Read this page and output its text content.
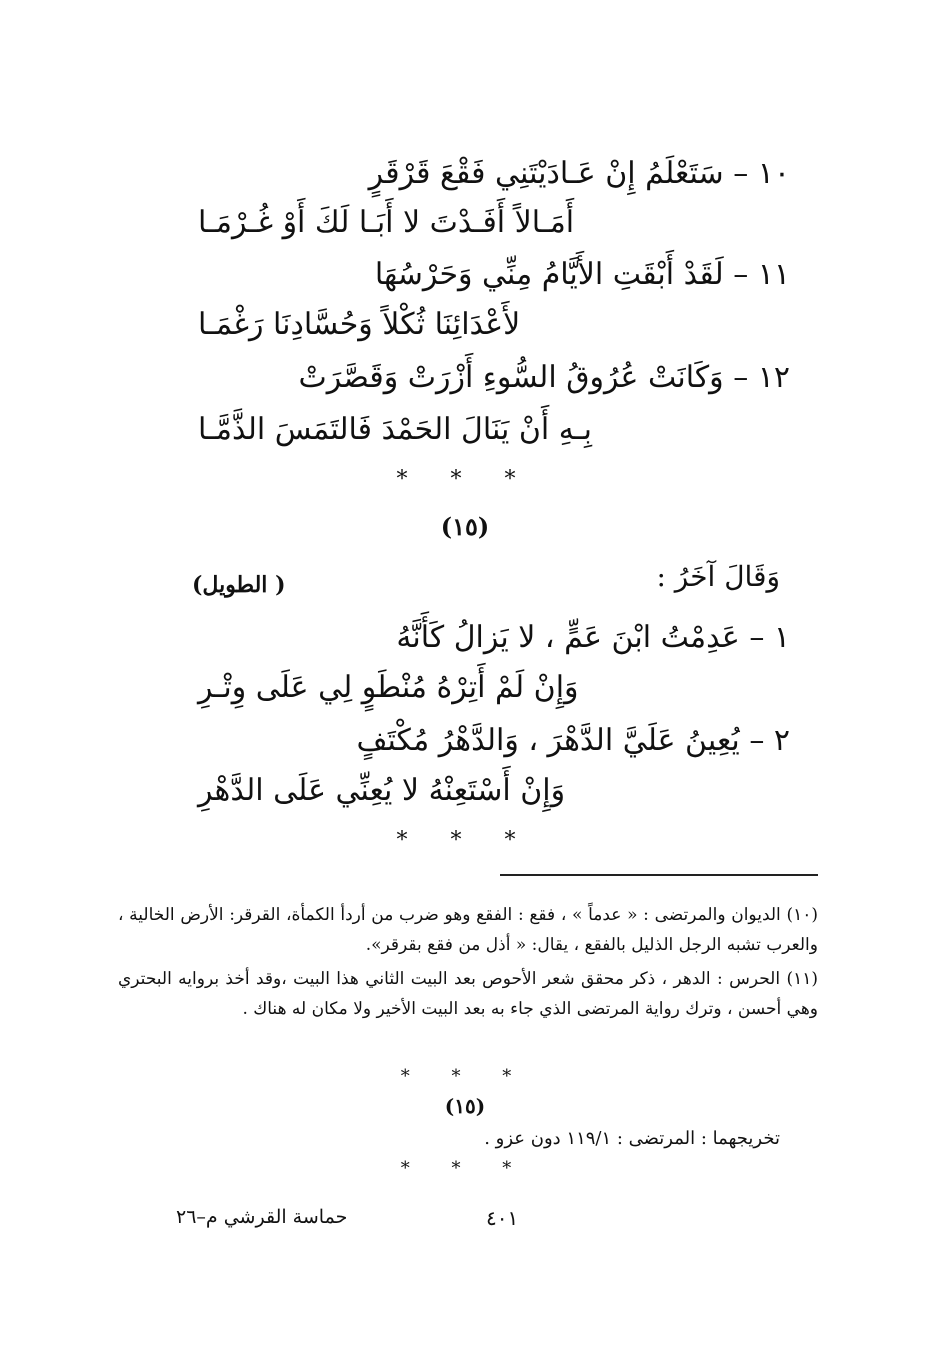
١٠ – سَتَعْلَمُ إِنْ عَـادَيْتَنِي فَقْعَ قَرْقَرٍ
أَمَـالاً أَفَـدْتَ لا أَبَـا لَكَ أَوْ غُـرْمَـا
١١ – لَقَدْ أَبْقَتِ الأَيَّامُ مِنِّي وَحَرْسُهَا
لأَعْدَائِنَا ثُكْلاً وَحُسَّادِنَا رَغْمَـا
١٢ – وَكَانَتْ عُرُوقُ السُّوءِ أَزْرَتْ وَقَصَّرَتْ
بِـهِ أَنْ يَنَالَ الحَمْدَ فَالتَمَسَ الذَّمَّـا
* * *
(١٥)
وَقَالَ آخَرُ :
( الطويل)
١ – عَدِمْتُ ابْنَ عَمٍّ ، لا يَزالُ كَأَنَّهُ
وَإِنْ لَمْ أَتِرْهُ مُنْطَوٍ لِي عَلَى وِتْـرِ
٢ – يُعِينُ عَلَيَّ الدَّهْرَ ، وَالدَّهْرُ مُكْتَفٍ
وَإِنْ أَسْتَعِنْهُ لا يُعِنِّي عَلَى الدَّهْرِ
* * *
(١٠) الديوان والمرتضى : « عدماً » ، فقع : الفقع وهو ضرب من أردأ الكمأة، القرقر: الأرض الخالية ، والعرب تشبه الرجل الذليل بالفقع ، يقال: « أذل من فقع بقرقر».
(١١) الحرس : الدهر ، ذكر محقق شعر الأحوص بعد البيت الثاني هذا البيت ،وقد أخذ بروايه البحتري وهي أحسن ، وترك رواية المرتضى الذي جاء به بعد البيت الأخير ولا مكان له هناك .
* * *
(١٥)
تخريجهما : المرتضى : ١١٩/١ دون عزو .
* * *
٤٠١
حماسة القرشي م–٢٦
